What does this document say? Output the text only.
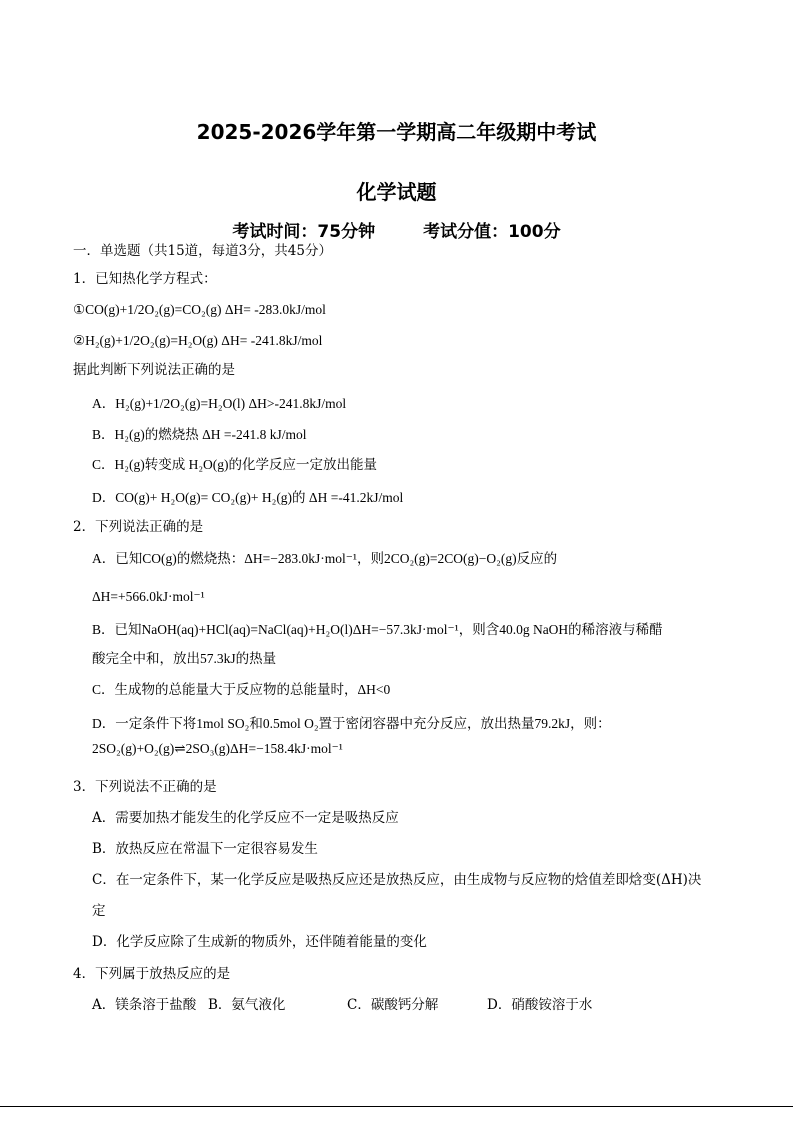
2025-2026学年第一学期高二年级期中考试
化学试题
考试时间：75分钟	考试分值：100分
一．单选题（共15道，每道3分，共45分）
1．已知热化学方程式：
①CO(g)+1/2O₂(g)=CO₂(g) ΔH= -283.0kJ/mol
②H₂(g)+1/2O₂(g)=H₂O(g) ΔH= -241.8kJ/mol
据此判断下列说法正确的是
A．H₂(g)+1/2O₂(g)=H₂O(l) ΔH>-241.8kJ/mol
B．H₂(g)的燃烧热 ΔH =-241.8 kJ/mol
C．H₂(g)转变成 H₂O(g)的化学反应一定放出能量
D．CO(g)+ H₂O(g)= CO₂(g)+ H₂(g)的 ΔH =-41.2kJ/mol
2．下列说法正确的是
A．已知CO(g)的燃烧热：ΔH=−283.0kJ·mol⁻¹，则2CO₂(g)=2CO(g)−O₂(g)反应的
ΔH=+566.0kJ·mol⁻¹
B．已知NaOH(aq)+HCl(aq)=NaCl(aq)+H₂O(l)ΔH=−57.3kJ·mol⁻¹，则含40.0g NaOH的稀溶液与稀醋
酸完全中和，放出57.3kJ的热量
C．生成物的总能量大于反应物的总能量时，ΔH<0
D．一定条件下将1mol SO₂和0.5mol O₂置于密闭容器中充分反应，放出热量79.2kJ，则：
2SO₂(g)+O₂(g)⇌2SO₃(g)ΔH=−158.4kJ·mol⁻¹
3．下列说法不正确的是
A．需要加热才能发生的化学反应不一定是吸热反应
B．放热反应在常温下一定很容易发生
C．在一定条件下，某一化学反应是吸热反应还是放热反应，由生成物与反应物的焓值差即焓变(ΔH)决
定
D．化学反应除了生成新的物质外，还伴随着能量的变化
4．下列属于放热反应的是
A．镁条溶于盐酸 B．氨气液化	C．碳酸钙分解	D．硝酸铵溶于水
